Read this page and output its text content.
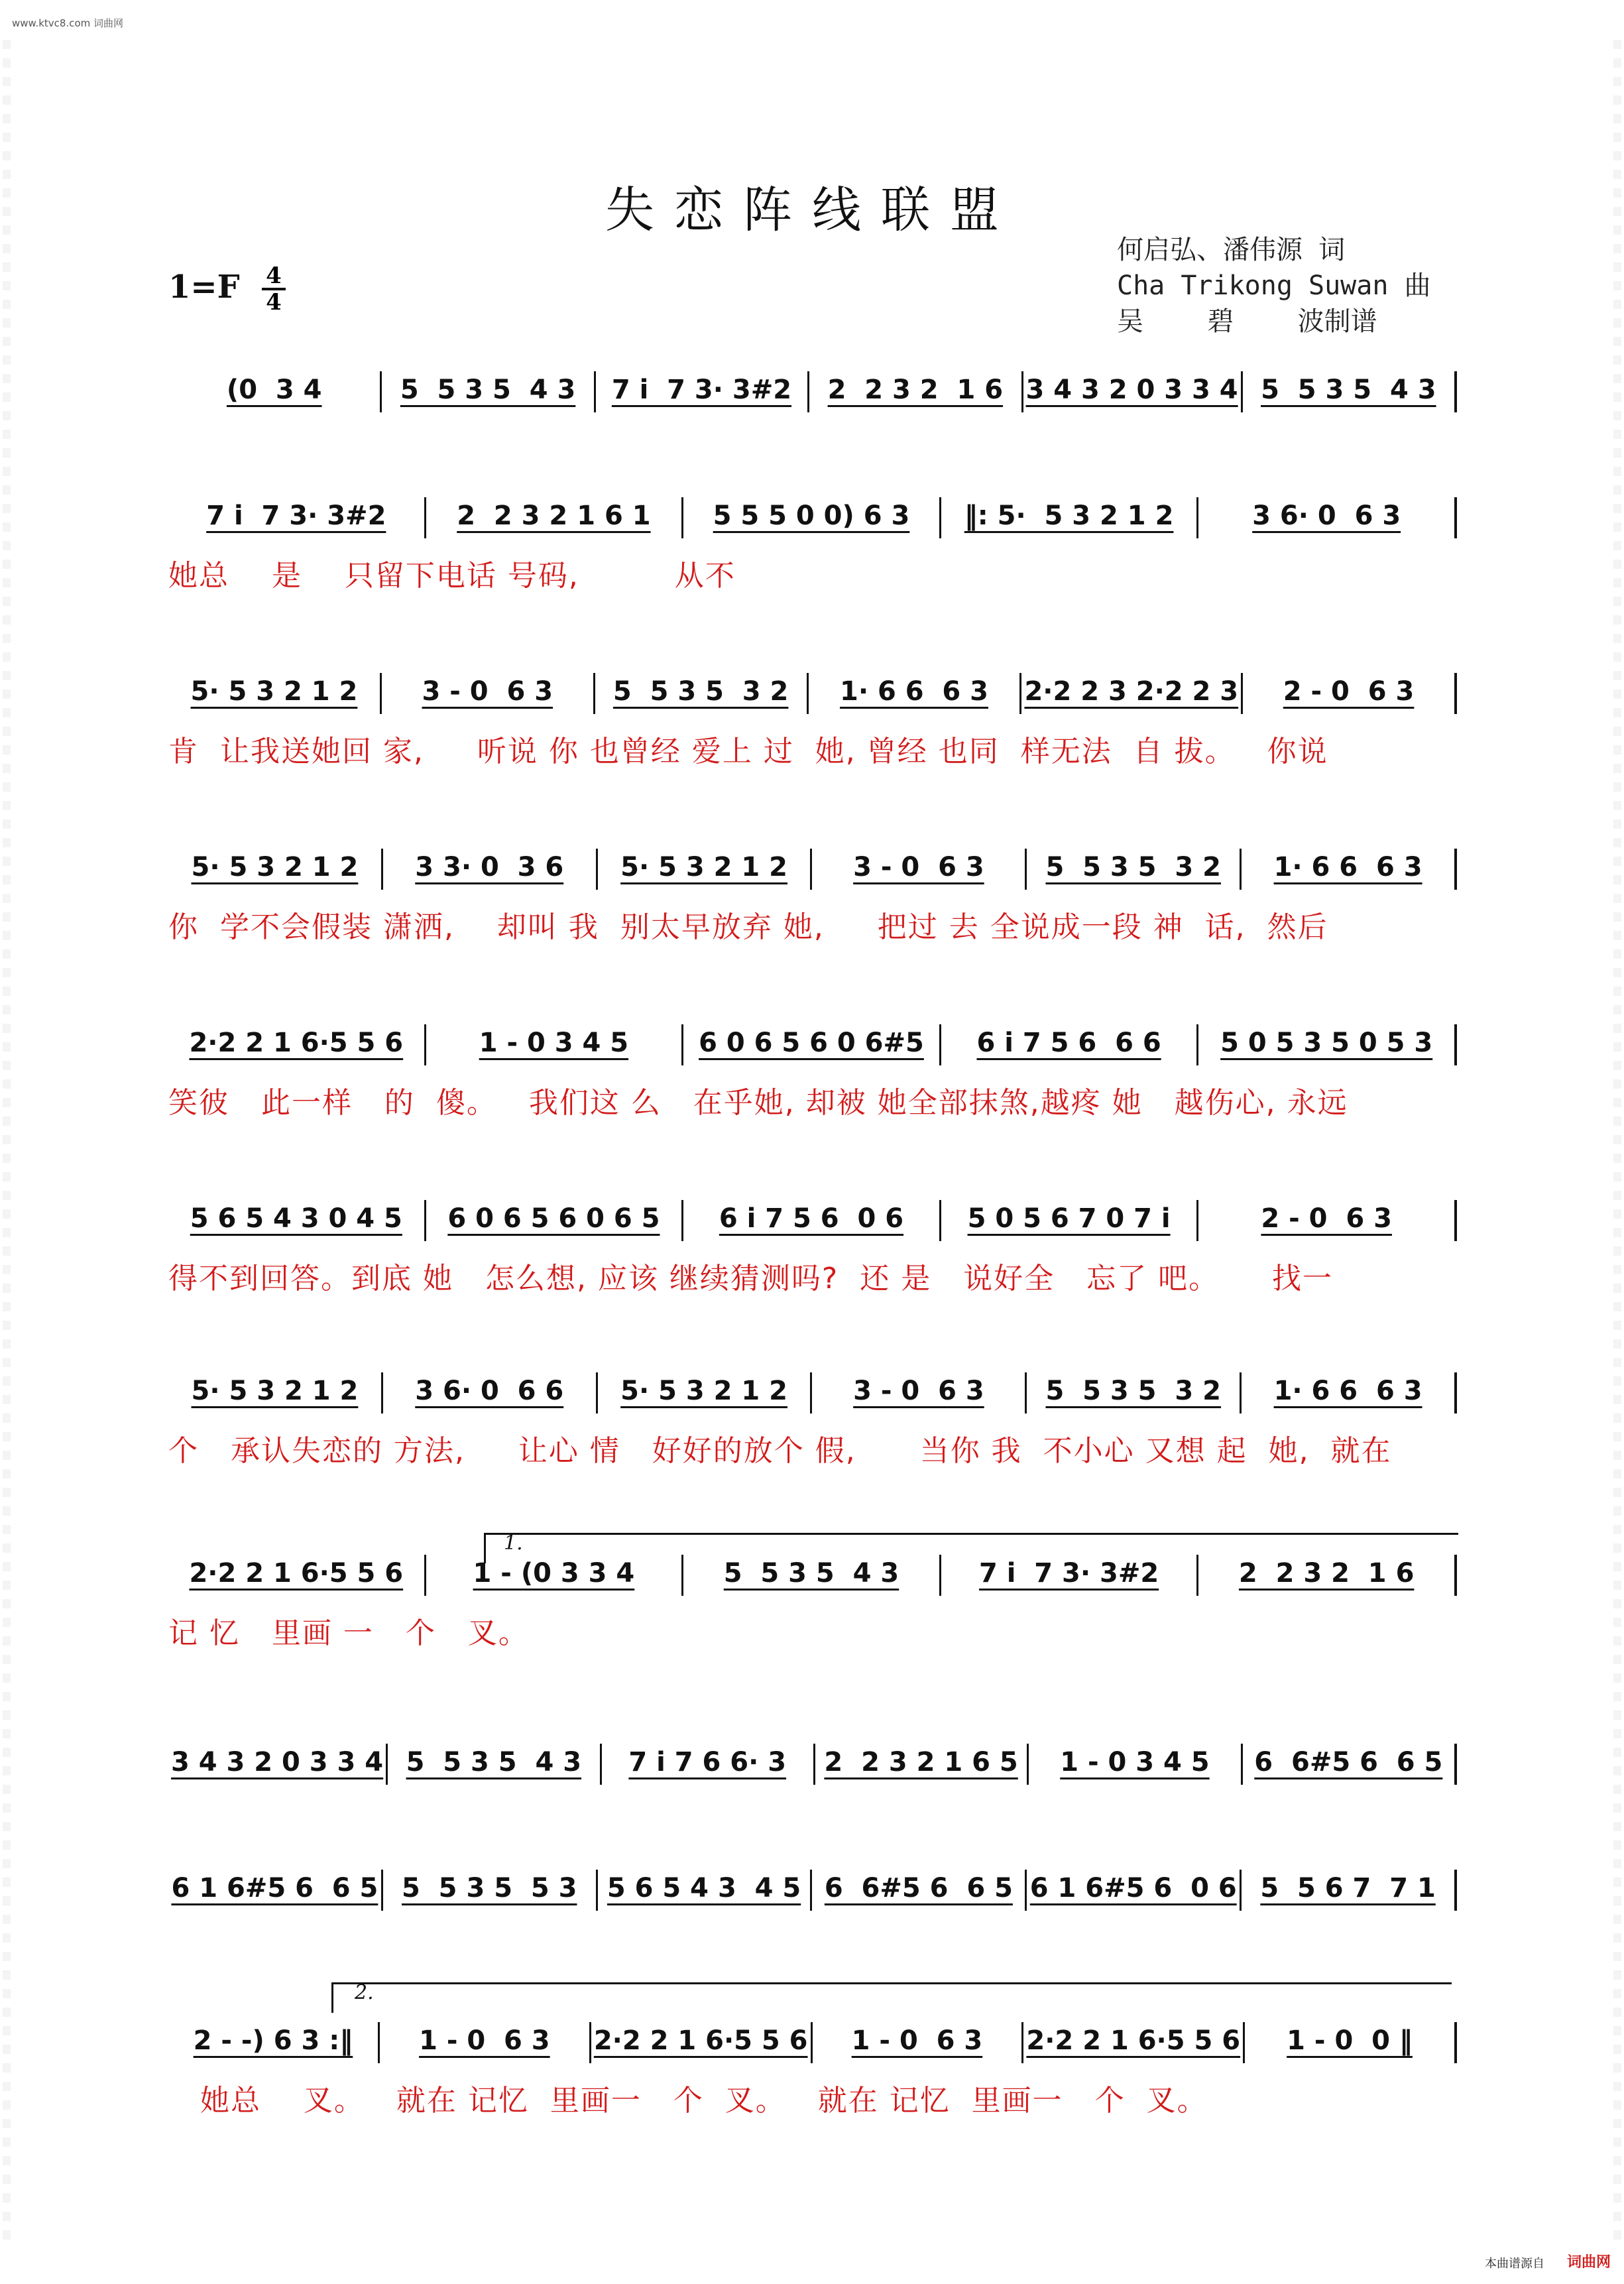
www.ktvc8.com 词曲网
失恋阵线联盟
何启弘、潘伟源 词
Cha Trikong Suwan 曲
吴    碧    波制谱
1=F 4
4
(0  3 4	5  5 3 5  4 3 7 i  7 3· 3#2 2  2 3 2  1 6 3 4 3 2 0 3 3 4 5  5 3 5  4 3
7 i  7 3· 3#2	2  2 3 2 1 6 1 5 5 5 0 0) 6 3 ‖: 5·  5 3 2 1 2	3 6· 0  6 3
她总    是    只留下电话 号码,         从不
5· 5 3 2 1 2 3 - 0  6 3 5  5 3 5  3 2 1· 6 6  6 3 2·2 2 3 2·2 2 3 2 - 0  6 3
肯  让我送她回 家,     听说 你 也曾经 爱上 过  她, 曾经 也同  样无法  自 拔。   你说
5· 5 3 2 1 2 3 3· 0  3 6 5· 5 3 2 1 2 3 - 0  6 3 5  5 3 5  3 2 1· 6 6  6 3
你  学不会假装 潇洒,    却叫 我  别太早放弃 她,     把过 去 全说成一段 神  话,  然后
2·2 2 1 6·5 5 6	1 - 0 3 4 5	6 0 6 5 6 0 6#5 6 i 7 5 6  6 6 5 0 5 3 5 0 5 3
笑彼   此一样   的  傻。   我们这 么   在乎她, 却被 她全部抹煞,越疼 她   越伤心, 永远
5 6 5 4 3 0 4 5 6 0 6 5 6 0 6 5 6 i 7 5 6  0 6 5 0 5 6 7 0 7 i	2 - 0  6 3
得不到回答。到底 她   怎么想, 应该 继续猜测吗?  还 是   说好全   忘了 吧。     找一
5· 5 3 2 1 2 3 6· 0  6 6 5· 5 3 2 1 2 3 - 0  6 3 5  5 3 5  3 2 1· 6 6  6 3
个   承认失恋的 方法,     让心 情   好好的放个 假,      当你 我  不小心 又想 起  她,  就在
2·2 2 1 6·5 5 6	1 - (0 3 3 4	5  5 3 5  4 3	7 i  7 3· 3#2	2  2 3 2  1 6
记 忆   里画 一   个   叉。
3 4 3 2 0 3 3 4 5  5 3 5  4 3 7 i 7 6 6· 3 2  2 3 2 1 6 5 1 - 0 3 4 5 6  6#5 6  6 5
6 1 6#5 6  6 5 5  5 3 5  5 3 5 6 5 4 3  4 5 6  6#5 6  6 5 6 1 6#5 6  0 6 5  5 6 7  7 1
2 - -) 6 3 :‖ 1 - 0  6 3 2·2 2 1 6·5 5 6 1 - 0  6 3 2·2 2 1 6·5 5 6 1 - 0  0 ‖
她总    叉。   就在 记忆  里画一   个  叉。   就在 记忆  里画一   个  叉。
1.
2.
本曲谱源自 词曲网
